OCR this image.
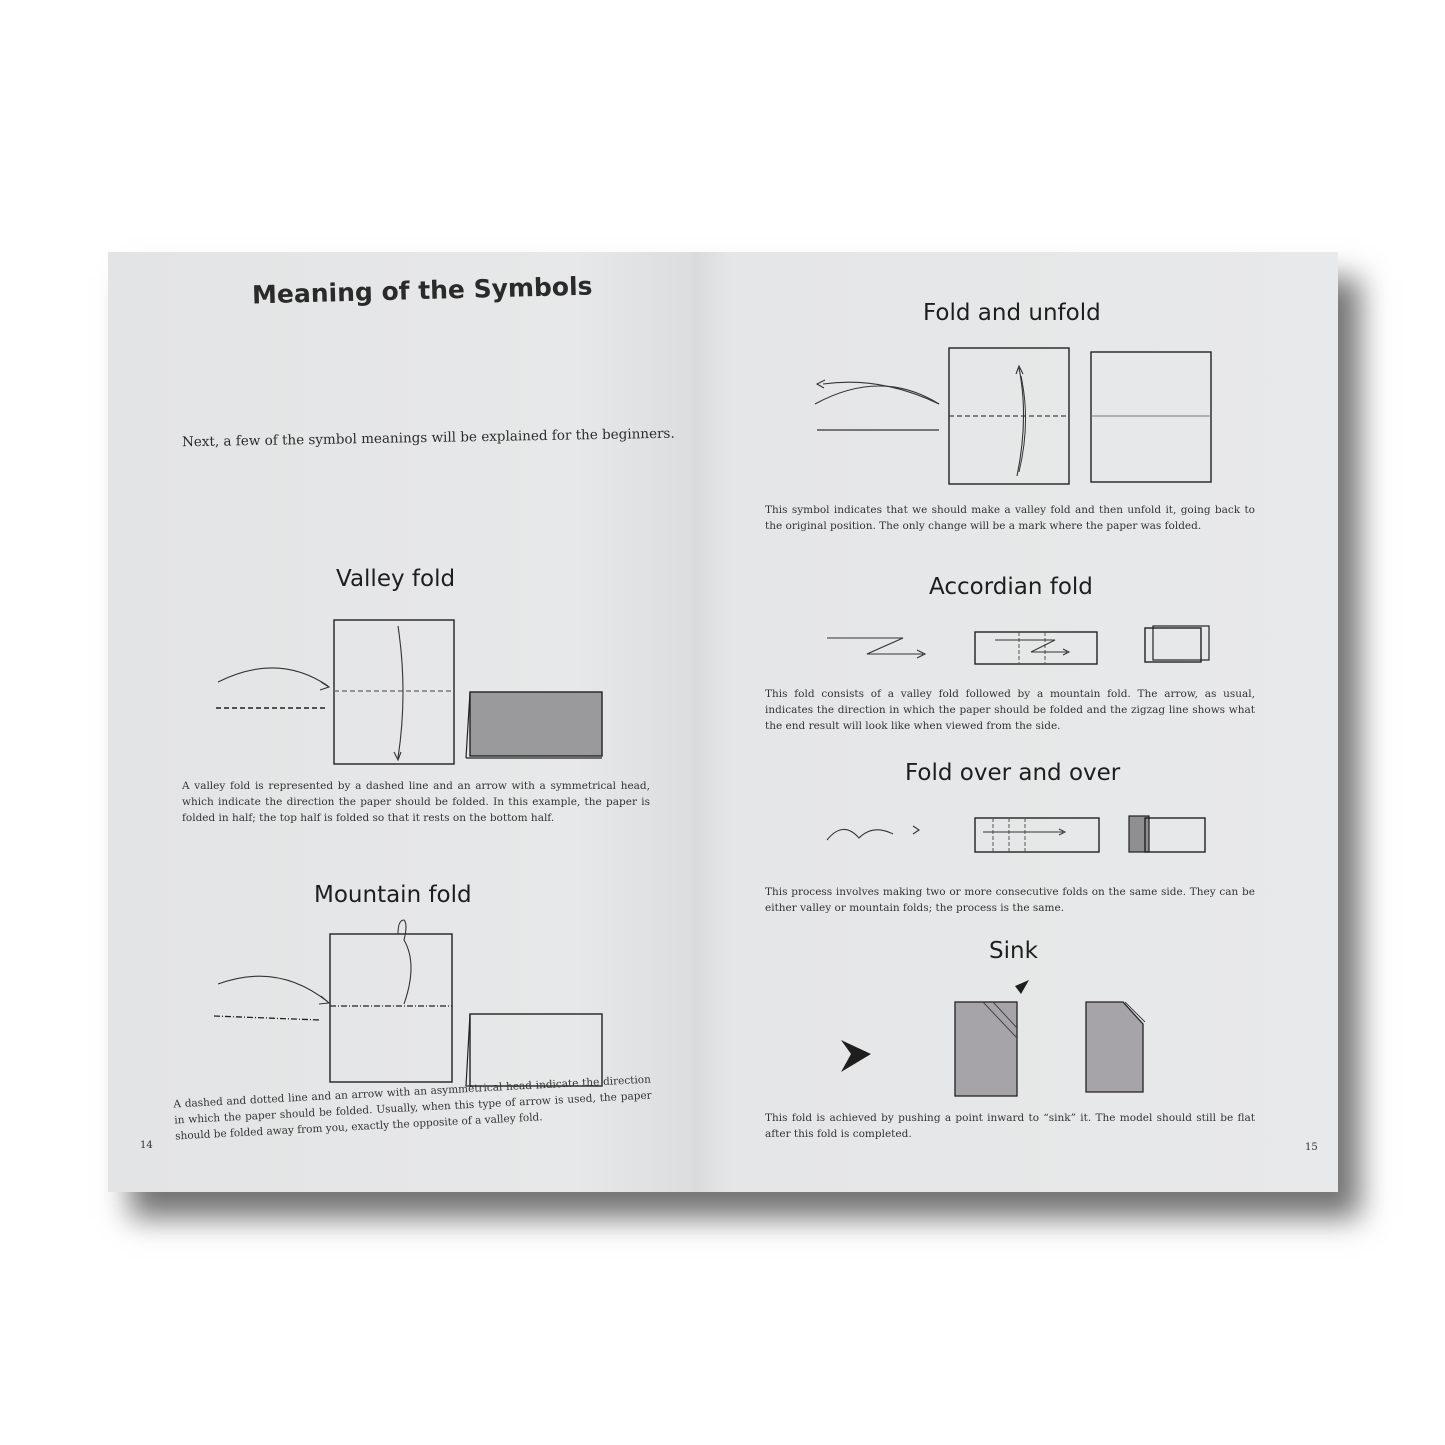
Meaning of the Symbols
Next, a few of the symbol meanings will be explained for the beginners.
Valley fold
A valley fold is represented by a dashed line and an arrow with a symmetrical head, which indicate the direction the paper should be folded. In this example, the paper is folded in half; the top half is folded so that it rests on the bottom half.
Mountain fold
A dashed and dotted line and an arrow with an asymmetrical head indicate the direction in which the paper should be folded. Usually, when this type of arrow is used, the paper should be folded away from you, exactly the opposite of a valley fold.
14
Fold and unfold
This symbol indicates that we should make a valley fold and then unfold it, going back to the original position. The only change will be a mark where the paper was folded.
Accordian fold
This fold consists of a valley fold followed by a mountain fold. The arrow, as usual, indicates the direction in which the paper should be folded and the zigzag line shows what the end result will look like when viewed from the side.
Fold over and over
This process involves making two or more consecutive folds on the same side. They can be either valley or mountain folds; the process is the same.
Sink
This fold is achieved by pushing a point inward to “sink” it. The model should still be flat after this fold is completed.
15
